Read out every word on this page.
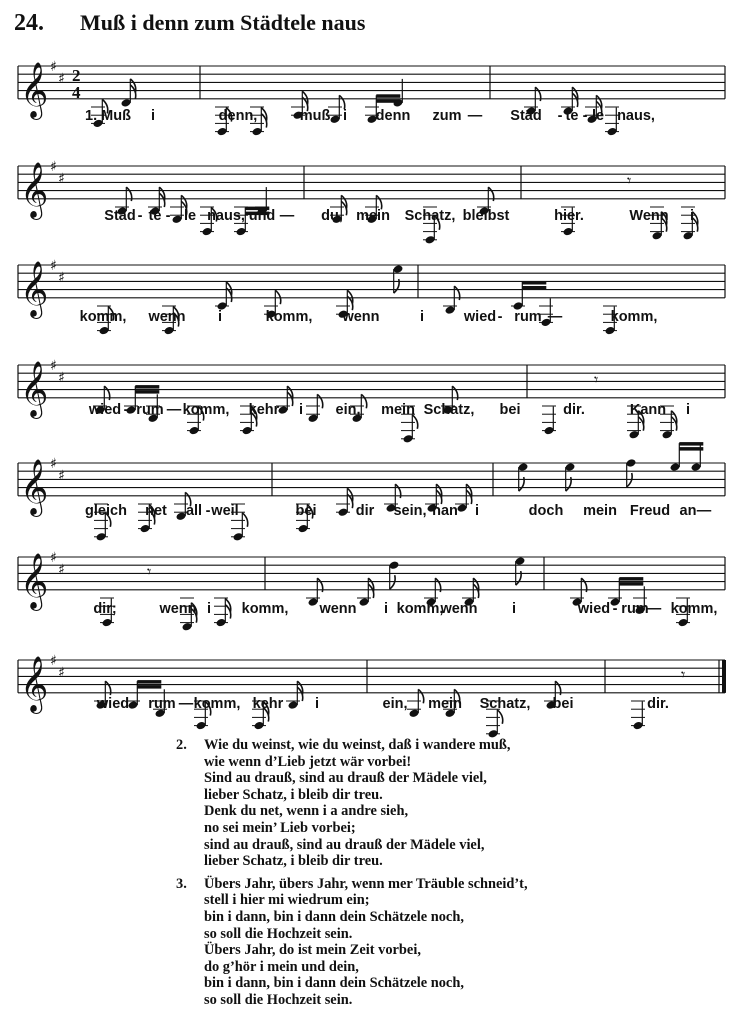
24.	Muß i denn zum Städtele naus
𝄞 ♯
♯ 2
4
1. Muß i	denn,	muß i denn zum — Städ - te - le naus,
𝄞 ♯
♯	𝄾
Städ - te - le naus, und — du, mein Schatz, bleibst	hier.	Wenn i
𝄞 ♯
♯
komm, wenn i	komm, wenn	i	wied - rum —	komm,
𝄞 ♯
♯	𝄾
wied - rum — komm, kehr i ein, mein Schatz, bei	dir.	Kann i
𝄞 ♯
♯
gleich net all - weil	bei	dir sein, han i	doch mein Freud an —
𝄞 ♯
♯	𝄾
dir;	wenn i komm, wenn i komm,
wenn i	wied - rum
— komm,
𝄞 ♯
♯	𝄾
wied - rum — komm, kehr i	ein, mein Schatz, bei	dir.
2. Wie du weinst, wie du weinst, daß i wandere muß,
wie wenn d’Lieb jetzt wär vorbei!
Sind au drauß, sind au drauß der Mädele viel,
lieber Schatz, i bleib dir treu.
Denk du net, wenn i a andre sieh,
no sei mein’ Lieb vorbei;
sind au drauß, sind au drauß der Mädele viel,
lieber Schatz, i bleib dir treu.
3. Übers Jahr, übers Jahr, wenn mer Träuble schneid’t,
stell i hier mi wiedrum ein;
bin i dann, bin i dann dein Schätzele noch,
so soll die Hochzeit sein.
Übers Jahr, do ist mein Zeit vorbei,
do g’hör i mein und dein,
bin i dann, bin i dann dein Schätzele noch,
so soll die Hochzeit sein.
